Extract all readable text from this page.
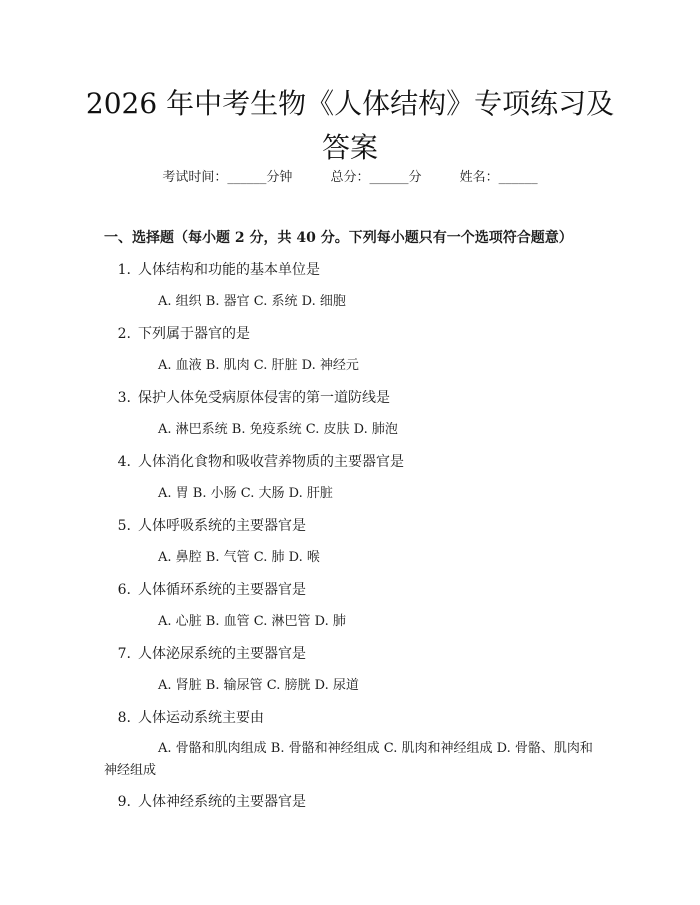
2026 年中考生物《人体结构》专项练习及答案
考试时间：______分钟	总分：______分	姓名：______
一、选择题（每小题 2 分，共 40 分。下列每小题只有一个选项符合题意）
1. 人体结构和功能的基本单位是
A. 组织 B. 器官 C. 系统 D. 细胞
2. 下列属于器官的是
A. 血液 B. 肌肉 C. 肝脏 D. 神经元
3. 保护人体免受病原体侵害的第一道防线是
A. 淋巴系统 B. 免疫系统 C. 皮肤 D. 肺泡
4. 人体消化食物和吸收营养物质的主要器官是
A. 胃 B. 小肠 C. 大肠 D. 肝脏
5. 人体呼吸系统的主要器官是
A. 鼻腔 B. 气管 C. 肺 D. 喉
6. 人体循环系统的主要器官是
A. 心脏 B. 血管 C. 淋巴管 D. 肺
7. 人体泌尿系统的主要器官是
A. 肾脏 B. 输尿管 C. 膀胱 D. 尿道
8. 人体运动系统主要由
A. 骨骼和肌肉组成 B. 骨骼和神经组成 C. 肌肉和神经组成 D. 骨骼、肌肉和神经组成
9. 人体神经系统的主要器官是
